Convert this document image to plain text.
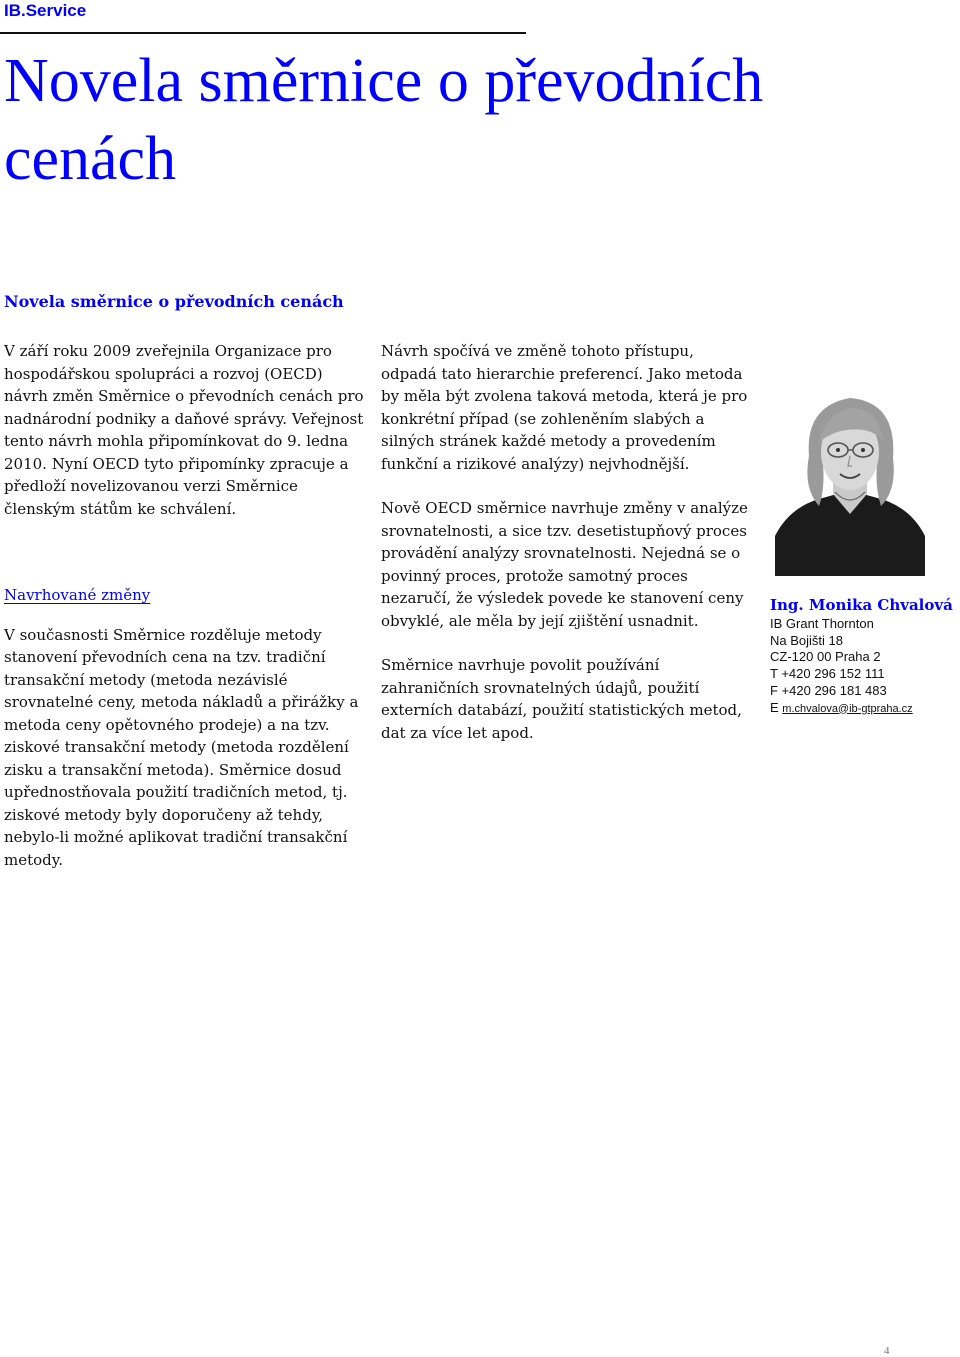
IB.Service
Novela směrnice o převodních cenách
Novela směrnice o převodních cenách

V září roku 2009 zveřejnila Organizace pro hospodářskou spolupráci a rozvoj (OECD) návrh změn Směrnice o převodních cenách pro nadnárodní podniky a daňové správy. Veřejnost tento návrh mohla připomínkovat do 9. ledna 2010. Nyní OECD tyto připomínky zpracuje a předloží novelizovanou verzi Směrnice členským státům ke schválení.

Navrhované změny

V současnosti Směrnice rozděluje metody stanovení převodních cena na tzv. tradiční transakční metody (metoda nezávislé srovnatelné ceny, metoda nákladů a přirážky a metoda ceny opětovného prodeje) a na tzv. ziskové transakční metody (metoda rozdělení zisku a transakční metoda). Směrnice dosud upřednostňovala použití tradičních metod, tj. ziskové metody byly doporučeny až tehdy, nebylo-li možné aplikovat tradiční transakční metody.

Návrh spočívá ve změně tohoto přístupu, odpadá tato hierarchie preferencí. Jako metoda by měla být zvolena taková metoda, která je pro konkrétní případ (se zohleněním slabých a silných stránek každé metody a provedením funkční a rizikové analýzy) nejvhodnější.

Nově OECD směrnice navrhuje změny v analýze srovnatelnosti, a sice tzv. desetistupňový proces provádění analýzy srovnatelnosti. Nejedná se o povinný proces, protože samotný proces nezaručí, že výsledek povede ke stanovení ceny obvyklé, ale měla by její zjištění usnadnit.

Směrnice navrhuje povolit používání zahraničních srovnatelných údajů, použití externích databází, použití statistických metod, dat za více let apod.

Ing. Monika Chvalová
IB Grant Thornton
Na Bojišti 18
CZ-120 00 Praha 2
T +420 296 152 111
F +420 296 181 483
E m.chvalova@ib-gtpraha.cz
4
